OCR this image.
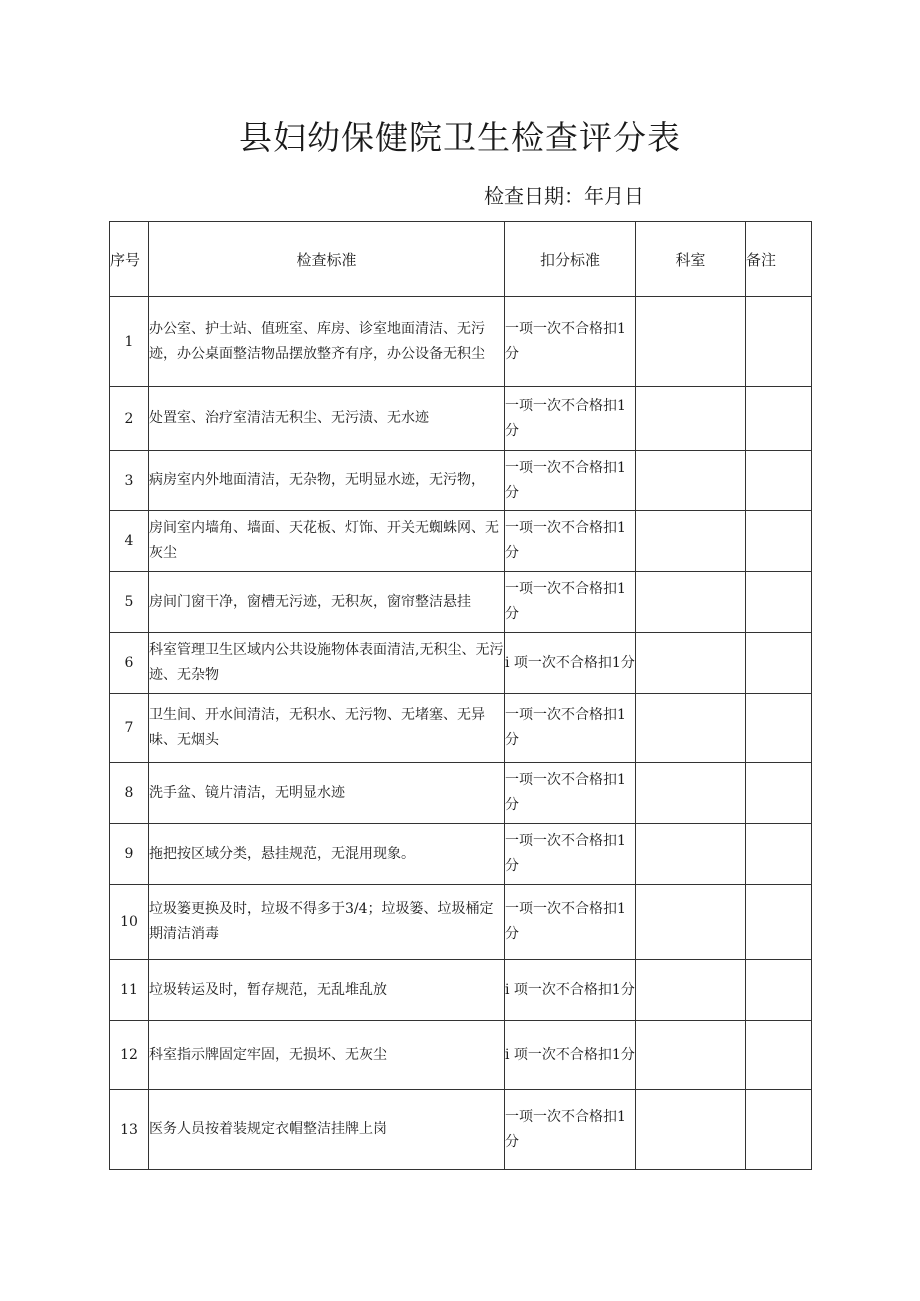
县妇幼保健院卫生检查评分表
检查日期：年月日
序号	检查标准	扣分标准	科室	备注
1	办公室、护士站、值班室、库房、诊室地面清洁、无污迹，办公桌面整洁物品摆放整齐有序，办公设备无积尘	一项一次不合格扣1分		
2	处置室、治疗室清洁无积尘、无污渍、无水迹	一项一次不合格扣1分		
3	病房室内外地面清洁，无杂物，无明显水迹，无污物，	一项一次不合格扣1分		
4	房间室内墙角、墙面、天花板、灯饰、开关无蜘蛛网、无灰尘	一项一次不合格扣1分		
5	房间门窗干净，窗槽无污迹，无积灰，窗帘整洁悬挂	一项一次不合格扣1分		
6	科室管理卫生区域内公共设施物体表面清洁,无积尘、无污迹、无杂物	i 项一次不合格扣1分		
7	卫生间、开水间清洁，无积水、无污物、无堵塞、无异味、无烟头	一项一次不合格扣1分		
8	洗手盆、镜片清洁，无明显水迹	一项一次不合格扣1分		
9	拖把按区域分类，悬挂规范，无混用现象。	一项一次不合格扣1分		
10	垃圾篓更换及时，垃圾不得多于3/4；垃圾篓、垃圾桶定期清洁消毒	一项一次不合格扣1分		
11	垃圾转运及时，暂存规范，无乱堆乱放	i 项一次不合格扣1分		
12	科室指示牌固定牢固，无损坏、无灰尘	i 项一次不合格扣1分		
13	医务人员按着装规定衣帽整洁挂牌上岗	一项一次不合格扣1分		
